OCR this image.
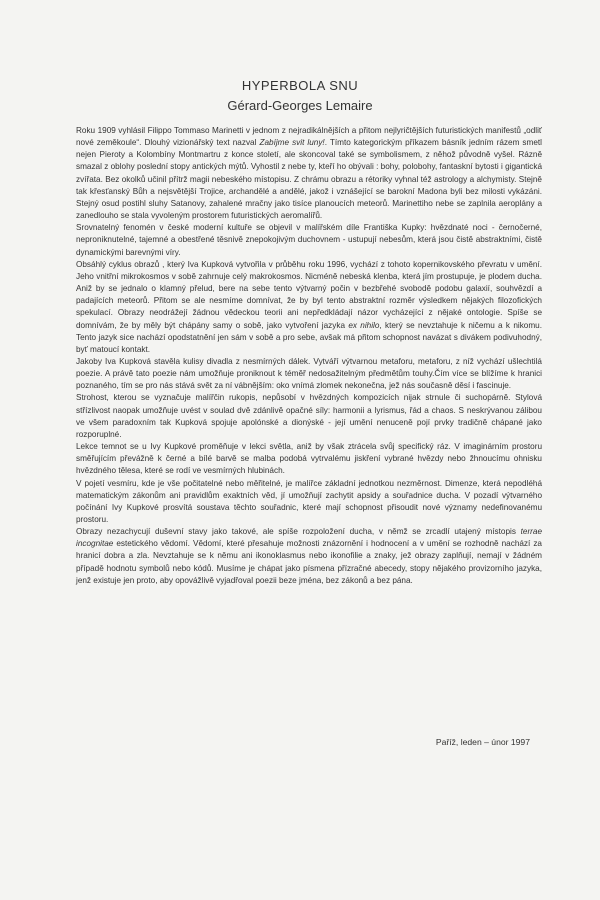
HYPERBOLA SNU
Gérard-Georges Lemaire

Roku 1909 vyhlásil Filippo Tommaso Marinetti v jednom z nejradikálnějších a přitom nejlyričtějších futuristických manifestů „odliť nové zeměkoule“. Dlouhý vizionářský text nazval Zabíjme svit luny!. Tímto kategorickým příkazem básník jedním rázem smetl nejen Pieroty a Kolombíny Montmartru z konce století, ale skoncoval také se symbolismem, z něhož původně vyšel. Rázně smazal z oblohy poslední stopy antických mýtů. Vyhostil z nebe ty, kteří ho obývali : bohy, polobohy, fantaskní bytosti i gigantická zvířata. Bez okolků učinil přítrž magii nebeského místopisu. Z chrámu obrazu a rétoriky vyhnal též astrology a alchymisty. Stejně tak křesťanský Bůh a nejsvětější Trojice, archandělé a andělé, jakož i vznášející se barokní Madona byli bez milosti vykázáni. Stejný osud postihl sluhy Satanovy, zahalené mračny jako tisíce planoucích meteorů. Marinettiho nebe se zaplnila aeroplány a zanedlouho se stala vyvoleným prostorem futuristických aeromalířů.

Srovnatelný fenomén v české moderní kultuře se objevil v malířském díle Františka Kupky: hvězdnaté noci - černočerné, neproniknutelné, tajemné a obestřené těsnivě znepokojivým duchovnem - ustupují nebesům, která jsou čistě abstraktními, čistě dynamickými barevnými víry.

Obsáhlý cyklus obrazů , který Iva Kupková vytvořila v průběhu roku 1996, vychází z tohoto kopernikovského převratu v umění. Jeho vnitřní mikrokosmos v sobě zahrnuje celý makrokosmos. Nicméně nebeská klenba, která jím prostupuje, je plodem ducha. Aniž by se jednalo o klamný přelud, bere na sebe tento výtvarný počin v bezbřehé svobodě podobu galaxií, souhvězdí a padajících meteorů. Přitom se ale nesmíme domnívat, že by byl tento abstraktní rozměr výsledkem nějakých filozofických spekulací. Obrazy neodrážejí žádnou vědeckou teorii ani nepředkládají názor vycházející z nějaké ontologie. Spíše se domnívám, že by měly být chápány samy o sobě, jako vytvoření jazyka ex nihilo, který se nevztahuje k ničemu a k nikomu. Tento jazyk sice nachází opodstatnění jen sám v sobě a pro sebe, avšak má přitom schopnost navázat s divákem podivuhodný, byť matoucí kontakt.

Jakoby Iva Kupková stavěla kulisy divadla z nesmírných dálek. Vytváří výtvarnou metaforu, metaforu, z níž vychází ušlechtilá poezie. A právě tato poezie nám umožňuje proniknout k téměř nedosažitelným předmětům touhy.Čím více se blížíme k hranici poznaného, tím se pro nás stává svět za ní vábnějším: oko vnímá zlomek nekonečna, jež nás současně děsí i fascinuje.

Strohost, kterou se vyznačuje malířčin rukopis, nepůsobí v hvězdných kompozicích nijak strnule či suchopárně. Stylová střízlivost naopak umožňuje uvést v soulad dvě zdánlivě opačné síly: harmonii a lyrismus, řád a chaos. S neskrývanou zálibou ve všem paradoxním tak Kupková spojuje apolónské a dionýské - její umění nenuceně pojí prvky tradičně chápané jako rozporuplné.

Lekce temnot se u Ivy Kupkové proměňuje v lekci světla, aniž by však ztrácela svůj specifický ráz. V imaginárním prostoru směřujícím převážně k černé a bílé barvě se malba podobá vytrvalému jiskření vybrané hvězdy nebo žhnoucímu ohnisku hvězdného tělesa, které se rodí ve vesmírných hlubinách.

V pojetí vesmíru, kde je vše počitatelné nebo měřitelné, je malířce základní jednotkou nezměrnost. Dimenze, která nepodléhá matematickým zákonům ani pravidlům exaktních věd, jí umožňují zachytit apsidy a souřadnice ducha. V pozadí výtvarného počínání Ivy Kupkové prosvítá soustava těchto souřadnic, které mají schopnost přisoudit nové významy nedefinovanému prostoru.

Obrazy nezachycují duševní stavy jako takové, ale spíše rozpoložení ducha, v němž se zrcadlí utajený místopis terrae incognitae estetického vědomí. Vědomí, které přesahuje možnosti znázornění i hodnocení a v umění se rozhodně nachází za hranicí dobra a zla. Nevztahuje se k němu ani ikonoklasmus nebo ikonofilie a znaky, jež obrazy zaplňují, nemají v žádném případě hodnotu symbolů nebo kódů. Musíme je chápat jako písmena přízračné abecedy, stopy nějakého provizorního jazyka, jenž existuje jen proto, aby opovážlivě vyjadřoval poezii beze jména, bez zákonů a bez pána.

Paříž, leden – únor 1997
